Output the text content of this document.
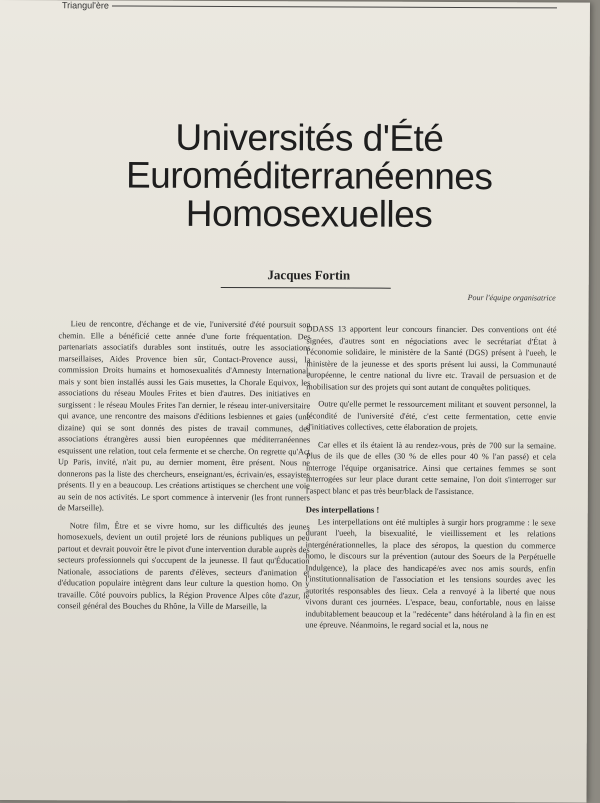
Triangul'ère
Universités d'Été
Euroméditerranéennes
Homosexuelles
Jacques Fortin
Pour l'équipe organisatrice

Lieu de rencontre, d'échange et de vie, l'université d'été poursuit son chemin. Elle a bénéficié cette année d'une forte fréquentation. Des partenariats associatifs durables sont institués, outre les associations marseillaises, Aides Provence bien sûr, Contact-Provence aussi, la commission Droits humains et homosexualités d'Amnesty International, mais y sont bien installés aussi les Gais musettes, la Chorale Equivox, les associations du réseau Moules Frites et bien d'autres. Des initiatives en surgissent : le réseau Moules Frites l'an dernier, le réseau inter-universitaire qui avance, une rencontre des maisons d'éditions lesbiennes et gaies (une dizaine) qui se sont donnés des pistes de travail communes, des associations étrangères aussi bien européennes que méditerranéennes esquissent une relation, tout cela fermente et se cherche. On regrette qu'Act Up Paris, invité, n'ait pu, au dernier moment, être présent. Nous ne donnerons pas la liste des chercheurs, enseignant/es, écrivain/es, essayistes présents. Il y en a beaucoup. Les créations artistiques se cherchent une voie au sein de nos activités. Le sport commence à intervenir (les front runners de Marseille).

Notre film, Être et se vivre homo, sur les difficultés des jeunes homosexuels, devient un outil projeté lors de réunions publiques un peu partout et devrait pouvoir être le pivot d'une intervention durable auprès des secteurs professionnels qui s'occupent de la jeunesse. Il faut qu'Éducation Nationale, associations de parents d'élèves, secteurs d'animation et d'éducation populaire intègrent dans leur culture la question homo. On y travaille. Côté pouvoirs publics, la Région Provence Alpes côte d'azur, le conseil général des Bouches du Rhône, la Ville de Marseille, la

DDASS 13 apportent leur concours financier. Des conventions ont été signées, d'autres sont en négociations avec le secrétariat d'État à l'économie solidaire, le ministère de la Santé (DGS) présent à l'ueeh, le ministère de la jeunesse et des sports présent lui aussi, la Communauté européenne, le centre national du livre etc. Travail de persuasion et de mobilisation sur des projets qui sont autant de conquêtes politiques.

Outre qu'elle permet le ressourcement militant et souvent personnel, la fécondité de l'université d'été, c'est cette fermentation, cette envie d'initiatives collectives, cette élaboration de projets.

Car elles et ils étaient là au rendez-vous, près de 700 sur la semaine. Plus de ils que de elles (30 % de elles pour 40 % l'an passé) et cela interroge l'équipe organisatrice. Ainsi que certaines femmes se sont interrogées sur leur place durant cette semaine, l'on doit s'interroger sur l'aspect blanc et pas très beur/black de l'assistance.

Des interpellations !

Les interpellations ont été multiples à surgir hors programme : le sexe durant l'ueeh, la bisexualité, le vieillissement et les relations intergénérationnelles, la place des séropos, la question du commerce homo, le discours sur la prévention (autour des Soeurs de la Perpétuelle Indulgence), la place des handicapé/es avec nos amis sourds, enfin l'institutionnalisation de l'association et les tensions sourdes avec les autorités responsables des lieux. Cela a renvoyé à la liberté que nous vivons durant ces journées. L'espace, beau, confortable, nous en laisse indubitablement beaucoup et la "redécente" dans hétéroland à la fin en est une épreuve. Néanmoins, le regard social et la, nous ne
